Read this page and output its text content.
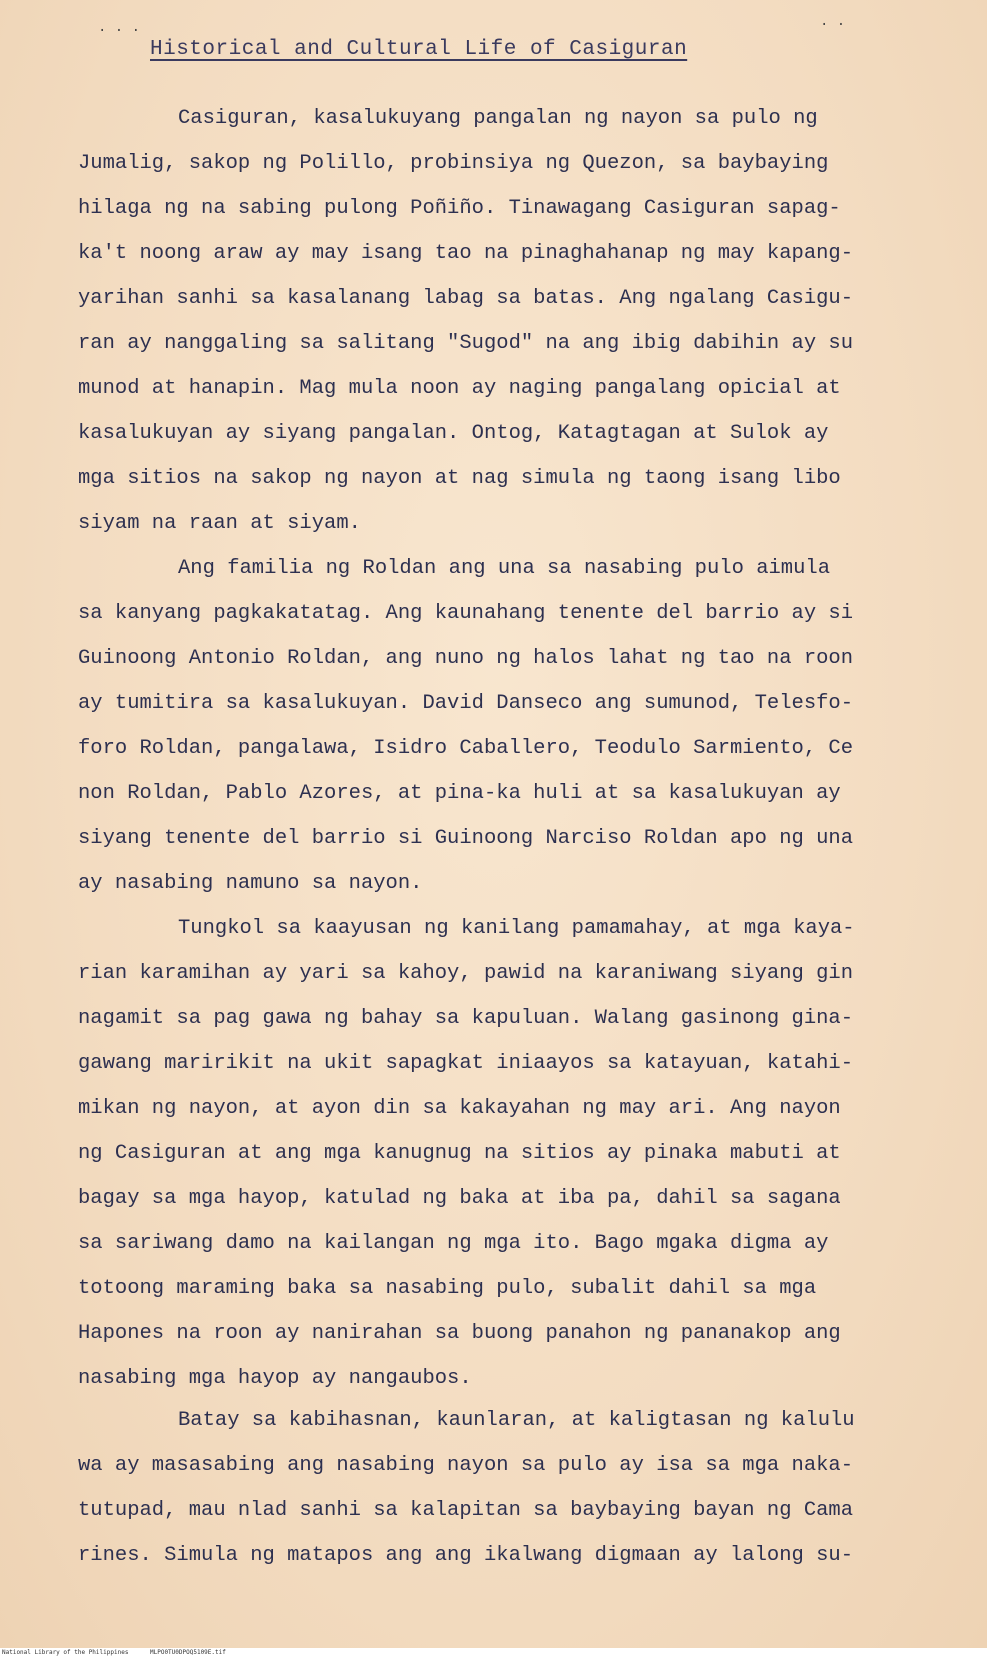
. . .	. .
Historical and Cultural Life of Casiguran
Casiguran, kasalukuyang pangalan ng nayon sa pulo ng
Jumalig, sakop ng Polillo, probinsiya ng Quezon, sa baybaying
hilaga ng na sabing pulong Poñiño. Tinawagang Casiguran sapag-
ka't noong araw ay may isang tao na pinaghahanap ng may kapang-
yarihan sanhi sa kasalanang labag sa batas. Ang ngalang Casigu-
ran ay nanggaling sa salitang "Sugod" na ang ibig dabihin ay su
munod at hanapin. Mag mula noon ay naging pangalang opicial at
kasalukuyan ay siyang pangalan. Ontog, Katagtagan at Sulok ay
mga sitios na sakop ng nayon at nag simula ng taong isang libo
siyam na raan at siyam.
Ang familia ng Roldan ang una sa nasabing pulo aimula
sa kanyang pagkakatatag. Ang kaunahang tenente del barrio ay si
Guinoong Antonio Roldan, ang nuno ng halos lahat ng tao na roon
ay tumitira sa kasalukuyan. David Danseco ang sumunod, Telesfo-
foro Roldan, pangalawa, Isidro Caballero, Teodulo Sarmiento, Ce
non Roldan, Pablo Azores, at pina-ka huli at sa kasalukuyan ay
siyang tenente del barrio si Guinoong Narciso Roldan apo ng una
ay nasabing namuno sa nayon.
Tungkol sa kaayusan ng kanilang pamamahay, at mga kaya-
rian karamihan ay yari sa kahoy, pawid na karaniwang siyang gin
nagamit sa pag gawa ng bahay sa kapuluan. Walang gasinong gina-
gawang maririkit na ukit sapagkat iniaayos sa katayuan, katahi-
mikan ng nayon, at ayon din sa kakayahan ng may ari. Ang nayon
ng Casiguran at ang mga kanugnug na sitios ay pinaka mabuti at
bagay sa mga hayop, katulad ng baka at iba pa, dahil sa sagana
sa sariwang damo na kailangan ng mga ito. Bago mgaka digma ay
totoong maraming baka sa nasabing pulo, subalit dahil sa mga
Hapones na roon ay nanirahan sa buong panahon ng pananakop ang
nasabing mga hayop ay nangaubos.
Batay sa kabihasnan, kaunlaran, at kaligtasan ng kalulu
wa ay masasabing ang nasabing nayon sa pulo ay isa sa mga naka-
tutupad, mau nlad sanhi sa kalapitan sa baybaying bayan ng Cama
rines. Simula ng matapos ang ang ikalwang digmaan ay lalong su-
National Library of the Philippines	MLPO0TU0DPOQ5109E.tif
